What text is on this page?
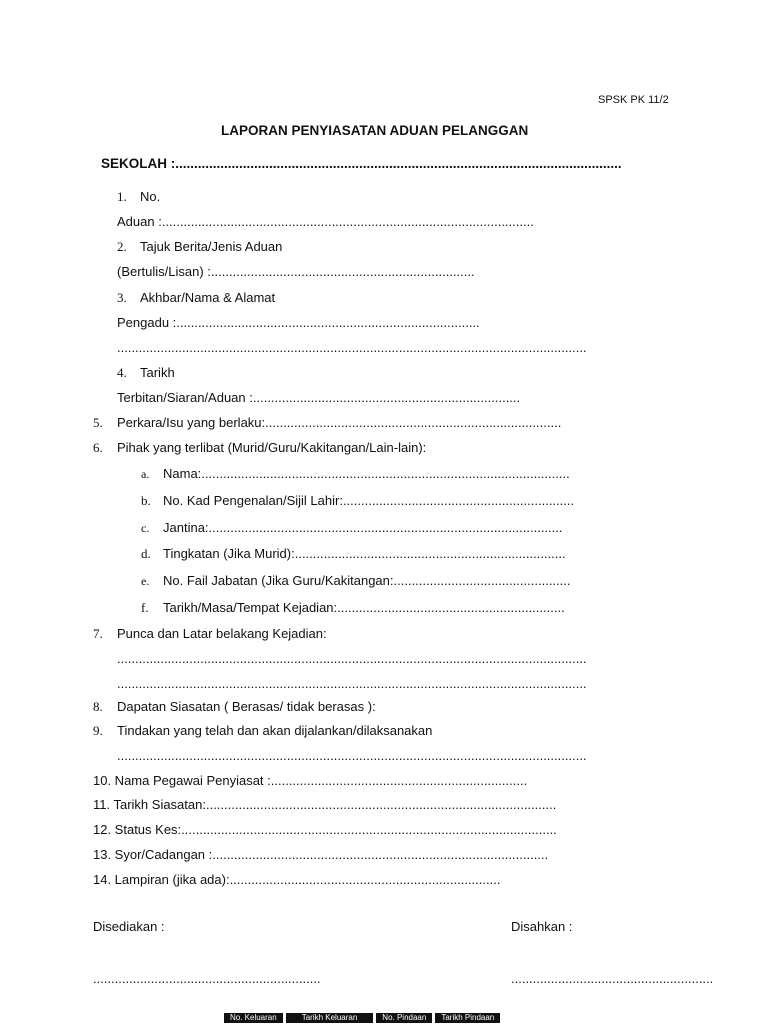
SPSK PK 11/2
LAPORAN PENYIASATAN ADUAN PELANGGAN
SEKOLAH :.......................................................................................................................
1. No.
Aduan :.......................................................................................................
2. Tajuk Berita/Jenis Aduan
(Bertulis/Lisan) :.........................................................................
3. Akhbar/Nama & Alamat
Pengadu :....................................................................................
..................................................................................................................................
4. Tarikh
Terbitan/Siaran/Aduan :..........................................................................
5. Perkara/Isu yang berlaku:..................................................................................
6. Pihak yang terlibat (Murid/Guru/Kakitangan/Lain-lain):
a. Nama:......................................................................................................
b. No. Kad Pengenalan/Sijil Lahir:................................................................
c. Jantina:..................................................................................................
d. Tingkatan (Jika Murid):...........................................................................
e. No. Fail Jabatan (Jika Guru/Kakitangan:.................................................
f. Tarikh/Masa/Tempat Kejadian:...............................................................
7. Punca dan Latar belakang Kejadian:
..................................................................................................................................
..................................................................................................................................
8. Dapatan Siasatan ( Berasas/ tidak berasas ):
9. Tindakan yang telah dan akan dijalankan/dilaksanakan
..................................................................................................................................
10. Nama Pegawai Penyiasat :.......................................................................
11. Tarikh Siasatan:.................................................................................................
12. Status Kes:........................................................................................................
13. Syor/Cadangan :.............................................................................................
14. Lampiran (jika ada):...........................................................................
Disediakan :	Disahkan :
...............................................................	........................................................
No. Keluaran	Tarikh Keluaran	No. Pindaan	Tarikh Pindaan
